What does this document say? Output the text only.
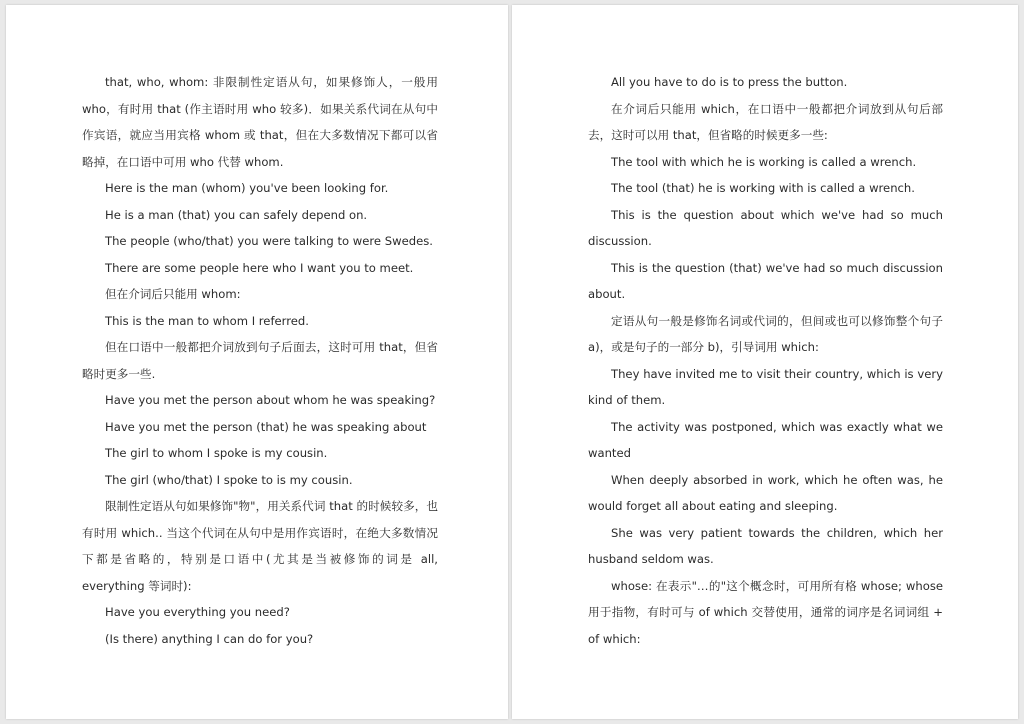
that, who, whom: 非限制性定语从句，如果修饰人，一般用 who，有时用 that (作主语时用 who 较多)．如果关系代词在从句中作宾语，就应当用宾格 whom 或 that，但在大多数情况下都可以省略掉，在口语中可用 who 代替 whom.

Here is the man (whom) you've been looking for.

He is a man (that) you can safely depend on.

The people (who/that) you were talking to were Swedes.

There are some people here who I want you to meet.

但在介词后只能用 whom:

This is the man to whom I referred.

但在口语中一般都把介词放到句子后面去，这时可用 that，但省略时更多一些.

Have you met the person about whom he was speaking?

Have you met the person (that) he was speaking about

The girl to whom I spoke is my cousin.

The girl (who/that) I spoke to is my cousin.

限制性定语从句如果修饰"物"，用关系代词 that 的时候较多，也有时用 which.. 当这个代词在从句中是用作宾语时，在绝大多数情况下都是省略的，特别是口语中(尤其是当被修饰的词是 all, everything 等词时):

Have you everything you need?

(Is there) anything I can do for you?

All you have to do is to press the button.

在介词后只能用 which，在口语中一般都把介词放到从句后部去，这时可以用 that，但省略的时候更多一些:

The tool with which he is working is called a wrench.

The tool (that) he is working with is called a wrench.

This is the question about which we've had so much discussion.

This is the question (that) we've had so much discussion about.

定语从句一般是修饰名词或代词的，但间或也可以修饰整个句子 a)，或是句子的一部分 b)，引导词用 which:

They have invited me to visit their country, which is very kind of them.

The activity was postponed, which was exactly what we wanted

When deeply absorbed in work, which he often was, he would forget all about eating and sleeping.

She was very patient towards the children, which her husband seldom was.

whose: 在表示"…的"这个概念时，可用所有格 whose; whose 用于指物，有时可与 of which 交替使用，通常的词序是名词词组 + of which:
